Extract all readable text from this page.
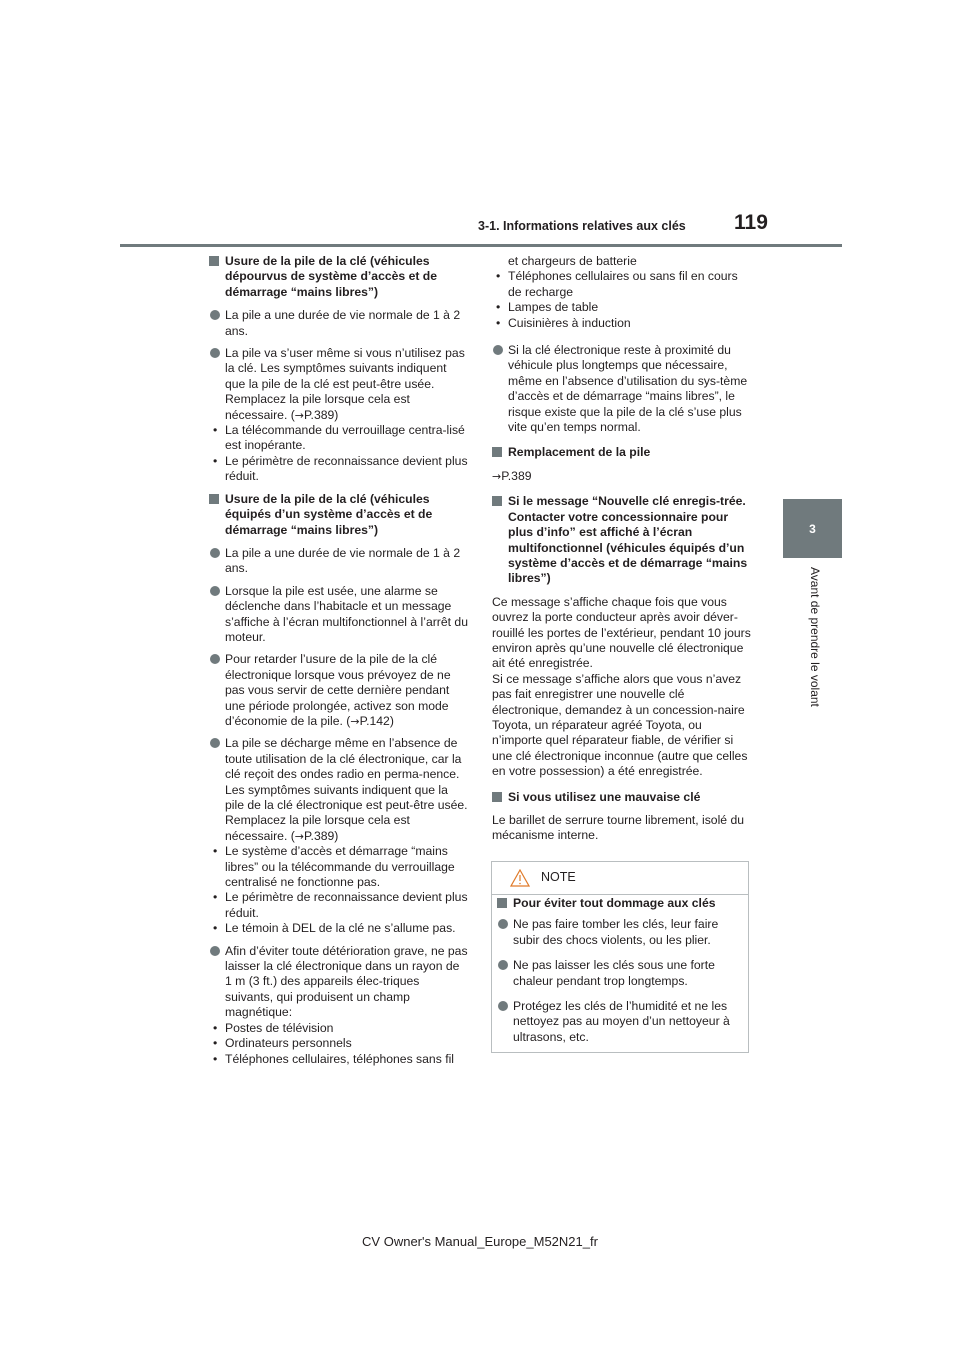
3-1. Informations relatives aux clés 119
3
Avant de prendre le volant
Usure de la pile de la clé (véhicules dépourvus de système d’accès et de démarrage “mains libres”)
La pile a une durée de vie normale de 1 à 2 ans.
La pile va s’user même si vous n’utilisez pas la clé. Les symptômes suivants indiquent que la pile de la clé est peut-être usée. Remplacez la pile lorsque cela est nécessaire. (→P.389)
• La télécommande du verrouillage centra-lisé est inopérante.
• Le périmètre de reconnaissance devient plus réduit.
Usure de la pile de la clé (véhicules équipés d’un système d’accès et de démarrage “mains libres”)
La pile a une durée de vie normale de 1 à 2 ans.
Lorsque la pile est usée, une alarme se déclenche dans l’habitacle et un message s’affiche à l’écran multifonctionnel à l’arrêt du moteur.
Pour retarder l’usure de la pile de la clé électronique lorsque vous prévoyez de ne pas vous servir de cette dernière pendant une période prolongée, activez son mode d’économie de la pile. (→P.142)
La pile se décharge même en l’absence de toute utilisation de la clé électronique, car la clé reçoit des ondes radio en perma-nence. Les symptômes suivants indiquent que la pile de la clé électronique est peut-être usée. Remplacez la pile lorsque cela est nécessaire. (→P.389)
• Le système d’accès et démarrage “mains libres” ou la télécommande du verrouillage centralisé ne fonctionne pas.
• Le périmètre de reconnaissance devient plus réduit.
• Le témoin à DEL de la clé ne s’allume pas.
Afin d’éviter toute détérioration grave, ne pas laisser la clé électronique dans un rayon de 1 m (3 ft.) des appareils élec-triques suivants, qui produisent un champ magnétique:
• Postes de télévision
• Ordinateurs personnels
• Téléphones cellulaires, téléphones sans fil
et chargeurs de batterie
• Téléphones cellulaires ou sans fil en cours de recharge
• Lampes de table
• Cuisinières à induction
Si la clé électronique reste à proximité du véhicule plus longtemps que nécessaire, même en l’absence d’utilisation du sys-tème d’accès et de démarrage “mains libres”, le risque existe que la pile de la clé s’use plus vite qu’en temps normal.
Remplacement de la pile
→P.389
Si le message “Nouvelle clé enregis-trée. Contacter votre concessionnaire pour plus d’info” est affiché à l’écran multifonctionnel (véhicules équipés d’un système d’accès et de démarrage “mains libres”)
Ce message s’affiche chaque fois que vous ouvrez la porte conducteur après avoir déver-rouillé les portes de l’extérieur, pendant 10 jours environ après qu’une nouvelle clé électronique ait été enregistrée.
Si ce message s’affiche alors que vous n’avez pas fait enregistrer une nouvelle clé électronique, demandez à un concession-naire Toyota, un réparateur agréé Toyota, ou n’importe quel réparateur fiable, de vérifier si une clé électronique inconnue (autre que celles en votre possession) a été enregistrée.
Si vous utilisez une mauvaise clé
Le barillet de serrure tourne librement, isolé du mécanisme interne.
NOTE
Pour éviter tout dommage aux clés
Ne pas faire tomber les clés, leur faire subir des chocs violents, ou les plier.
Ne pas laisser les clés sous une forte chaleur pendant trop longtemps.
Protégez les clés de l’humidité et ne les nettoyez pas au moyen d’un nettoyeur à ultrasons, etc.
CV Owner's Manual_Europe_M52N21_fr
